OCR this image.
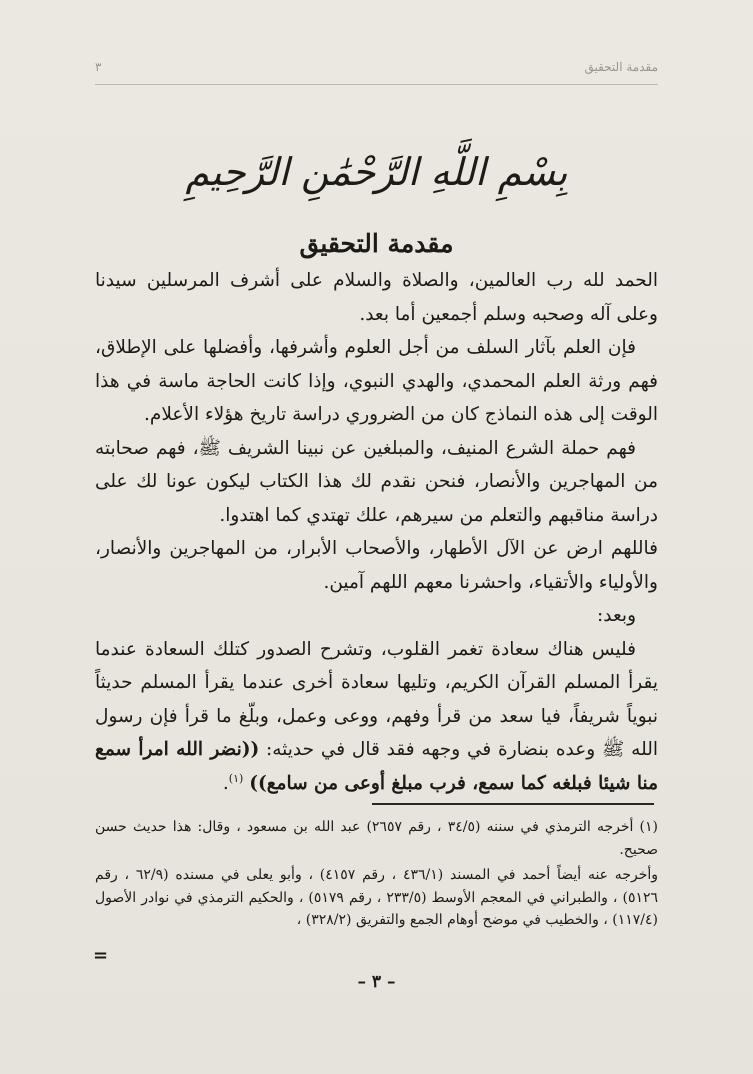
مقدمة التحقيق
٣
بِسْمِ اللَّهِ الرَّحْمَٰنِ الرَّحِيمِ
مقدمة التحقيق

الحمد لله رب العالمين، والصلاة والسلام على أشرف المرسلين سيدنا وعلى آله وصحبه وسلم أجمعين أما بعد.

فإن العلم بآثار السلف من أجل العلوم وأشرفها، وأفضلها على الإطلاق، فهم ورثة العلم المحمدي، والهدي النبوي، وإذا كانت الحاجة ماسة في هذا الوقت إلى هذه النماذج كان من الضروري دراسة تاريخ هؤلاء الأعلام.

فهم حملة الشرع المنيف، والمبلغين عن نبينا الشريف ﷺ، فهم صحابته من المهاجرين والأنصار، فنحن نقدم لك هذا الكتاب ليكون عونا لك على دراسة مناقبهم والتعلم من سيرهم، علك تهتدي كما اهتدوا.

فاللهم ارض عن الآل الأطهار، والأصحاب الأبرار، من المهاجرين والأنصار، والأولياء والأتقياء، واحشرنا معهم اللهم آمين.

وبعد:

فليس هناك سعادة تغمر القلوب، وتشرح الصدور كتلك السعادة عندما يقرأ المسلم القرآن الكريم، وتليها سعادة أخرى عندما يقرأ المسلم حديثاً نبوياً شريفاً، فيا سعد من قرأ وفهم، ووعى وعمل، وبلّغ ما قرأ فإن رسول الله ﷺ وعده بنضارة في وجهه فقد قال في حديثه: ((نضر الله امرأ سمع منا شيئا فبلغه كما سمع، فرب مبلغ أوعى من سامع)) $^{(١)}$.

(١) أخرجه الترمذي في سننه (٣٤/٥ ، رقم ٢٦٥٧) عبد الله بن مسعود ، وقال: هذا حديث حسن صحيح.

وأخرجه عنه أيضاً أحمد في المسند (٤٣٦/١ ، رقم ٤١٥٧) ، وأبو يعلى في مسنده (٦٢/٩ ، رقم ٥١٢٦) ، والطبراني في المعجم الأوسط (٢٣٣/٥ ، رقم ٥١٧٩) ، والحكيم الترمذي في نوادر الأصول (١١٧/٤) ، والخطيب في موضح أوهام الجمع والتفريق (٣٢٨/٢) ،

=
– ٣ –
